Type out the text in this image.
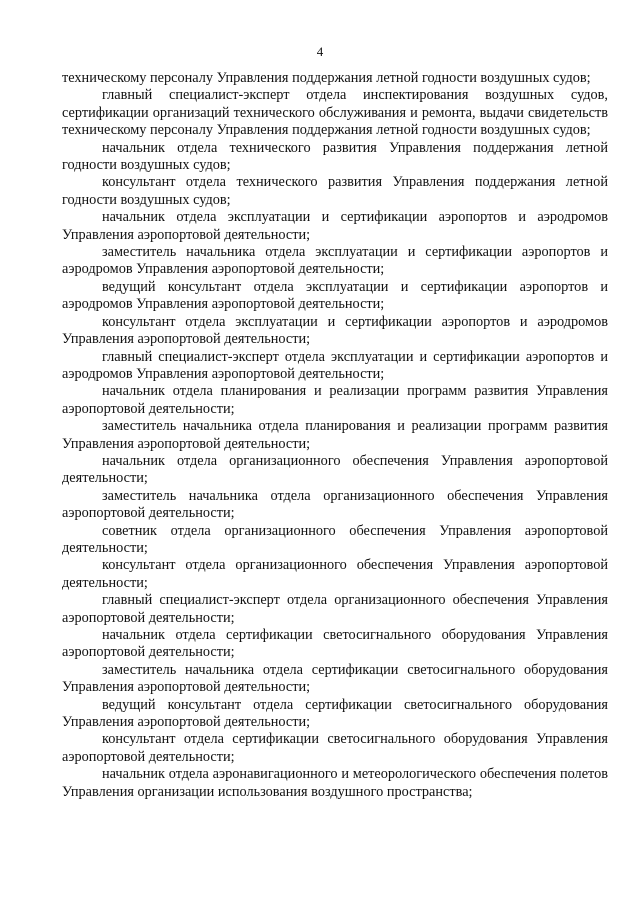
4

техническому персоналу Управления поддержания летной годности воздушных судов;

главный специалист-эксперт отдела инспектирования воздушных судов, сертификации организаций технического обслуживания и ремонта, выдачи свидетельств техническому персоналу Управления поддержания летной годности воздушных судов;

начальник отдела технического развития Управления поддержания летной годности воздушных судов;

консультант отдела технического развития Управления поддержания летной годности воздушных судов;

начальник отдела эксплуатации и сертификации аэропортов и аэродромов Управления аэропортовой деятельности;

заместитель начальника отдела эксплуатации и сертификации аэропортов и аэродромов Управления аэропортовой деятельности;

ведущий консультант отдела эксплуатации и сертификации аэропортов и аэродромов Управления аэропортовой деятельности;

консультант отдела эксплуатации и сертификации аэропортов и аэродромов Управления аэропортовой деятельности;

главный специалист-эксперт отдела эксплуатации и сертификации аэропортов и аэродромов Управления аэропортовой деятельности;

начальник отдела планирования и реализации программ развития Управления аэропортовой деятельности;

заместитель начальника отдела планирования и реализации программ развития Управления аэропортовой деятельности;

начальник отдела организационного обеспечения Управления аэропортовой деятельности;

заместитель начальника отдела организационного обеспечения Управления аэропортовой деятельности;

советник отдела организационного обеспечения Управления аэропортовой деятельности;

консультант отдела организационного обеспечения Управления аэропортовой деятельности;

главный специалист-эксперт отдела организационного обеспечения Управления аэропортовой деятельности;

начальник отдела сертификации светосигнального оборудования Управления аэропортовой деятельности;

заместитель начальника отдела сертификации светосигнального оборудования Управления аэропортовой деятельности;

ведущий консультант отдела сертификации светосигнального оборудования Управления аэропортовой деятельности;

консультант отдела сертификации светосигнального оборудования Управления аэропортовой деятельности;

начальник отдела аэронавигационного и метеорологического обеспечения полетов Управления организации использования воздушного пространства;
